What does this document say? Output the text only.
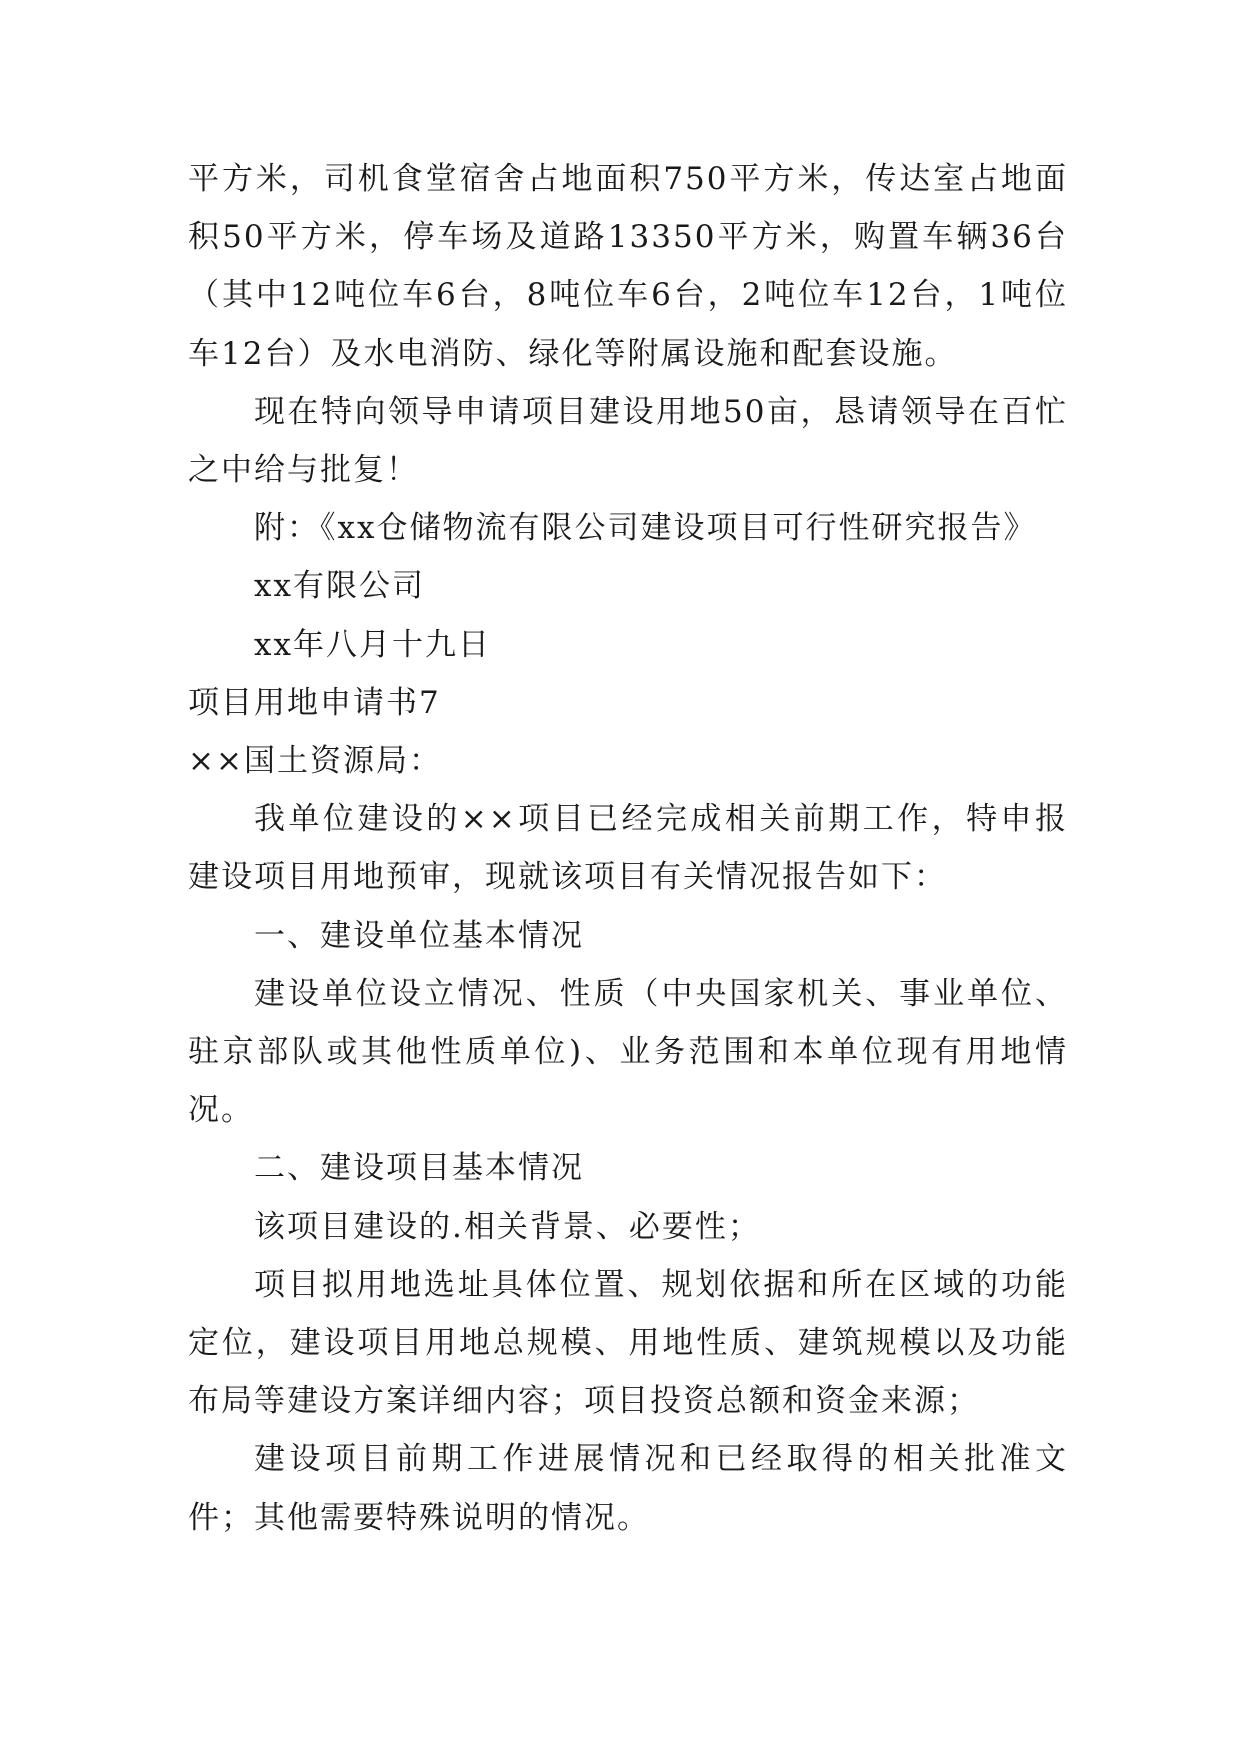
平方米，司机食堂宿舍占地面积750平方米，传达室占地面积50平方米，停车场及道路13350平方米，购置车辆36台（其中12吨位车6台，8吨位车6台，2吨位车12台，1吨位车12台）及水电消防、绿化等附属设施和配套设施。

现在特向领导申请项目建设用地50亩，恳请领导在百忙之中给与批复！

附：《xx仓储物流有限公司建设项目可行性研究报告》

xx有限公司

xx年八月十九日

项目用地申请书7

××国土资源局：

我单位建设的××项目已经完成相关前期工作，特申报建设项目用地预审，现就该项目有关情况报告如下：

一、建设单位基本情况

建设单位设立情况、性质（中央国家机关、事业单位、驻京部队或其他性质单位)、业务范围和本单位现有用地情况。

二、建设项目基本情况

该项目建设的.相关背景、必要性；

项目拟用地选址具体位置、规划依据和所在区域的功能定位，建设项目用地总规模、用地性质、建筑规模以及功能布局等建设方案详细内容；项目投资总额和资金来源；

建设项目前期工作进展情况和已经取得的相关批准文件；其他需要特殊说明的情况。
